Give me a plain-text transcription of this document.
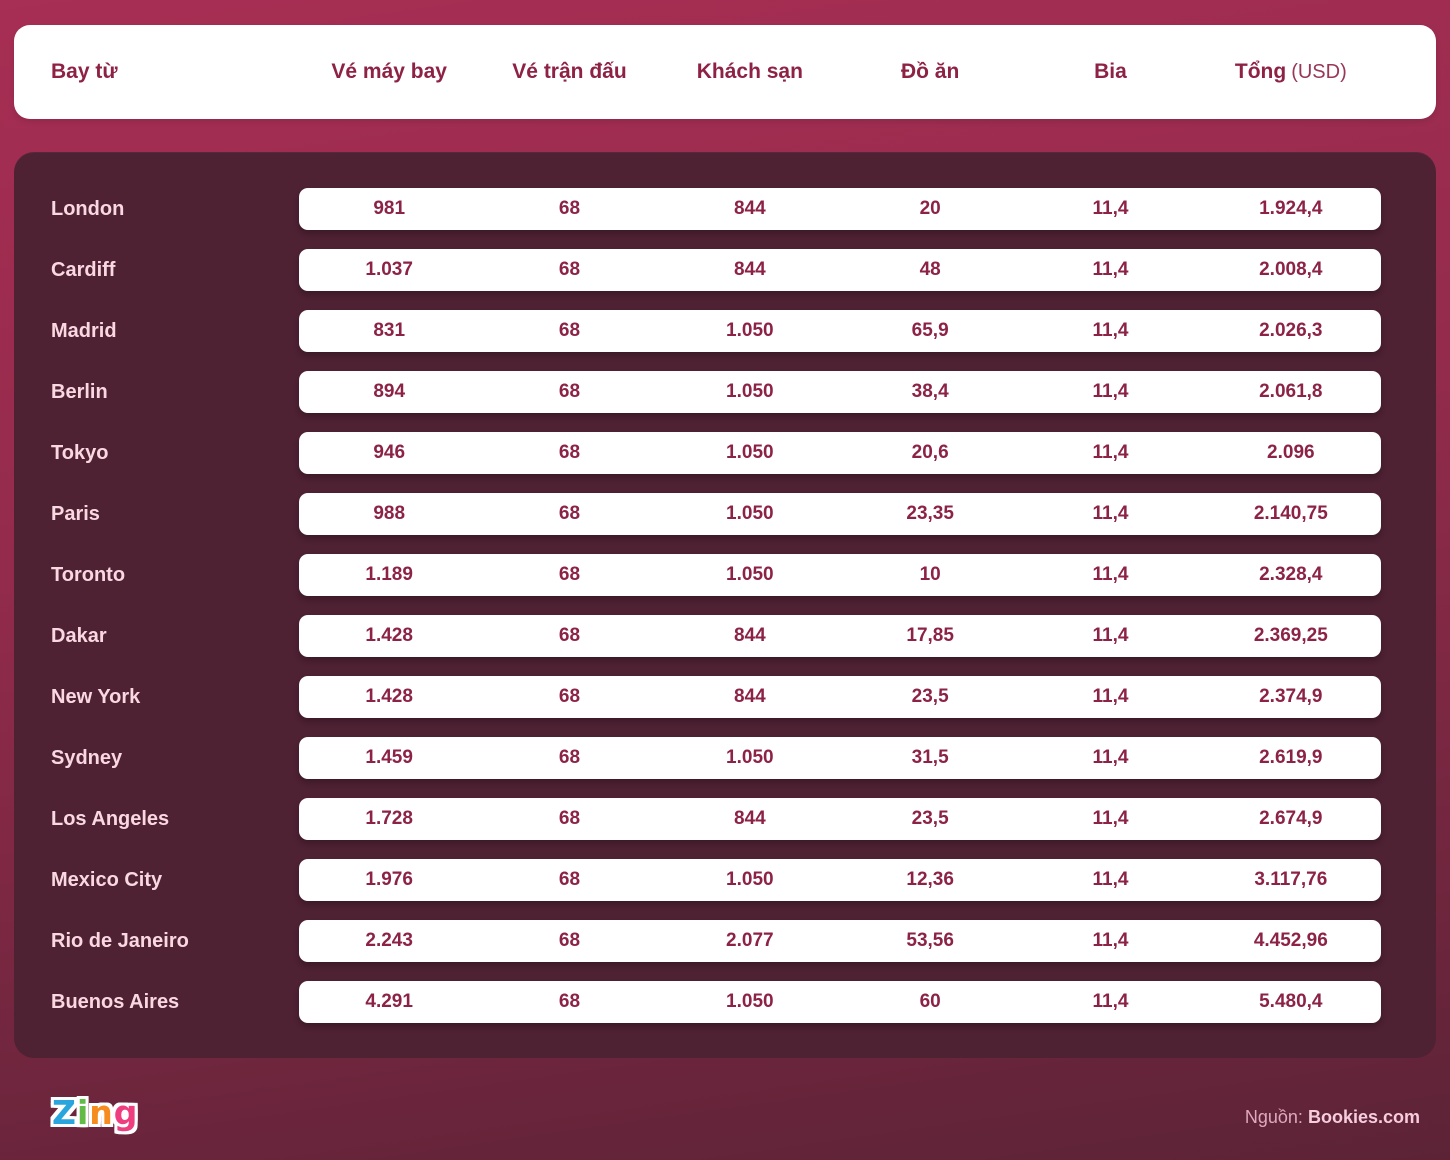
Bay từ	Vé máy bay	Vé trận đấu	Khách sạn	Đồ ăn	Bia	Tổng (USD)
London	981	68	844	20	11,4	1.924,4
Cardiff	1.037	68	844	48	11,4	2.008,4
Madrid	831	68	1.050	65,9	11,4	2.026,3
Berlin	894	68	1.050	38,4	11,4	2.061,8
Tokyo	946	68	1.050	20,6	11,4	2.096
Paris	988	68	1.050	23,35	11,4	2.140,75
Toronto	1.189	68	1.050	10	11,4	2.328,4
Dakar	1.428	68	844	17,85	11,4	2.369,25
New York	1.428	68	844	23,5	11,4	2.374,9
Sydney	1.459	68	1.050	31,5	11,4	2.619,9
Los Angeles	1.728	68	844	23,5	11,4	2.674,9
Mexico City	1.976	68	1.050	12,36	11,4	3.117,76
Rio de Janeiro	2.243	68	2.077	53,56	11,4	4.452,96
Buenos Aires	4.291	68	1.050	60	11,4	5.480,4
Zing	Nguồn: Bookies.com
